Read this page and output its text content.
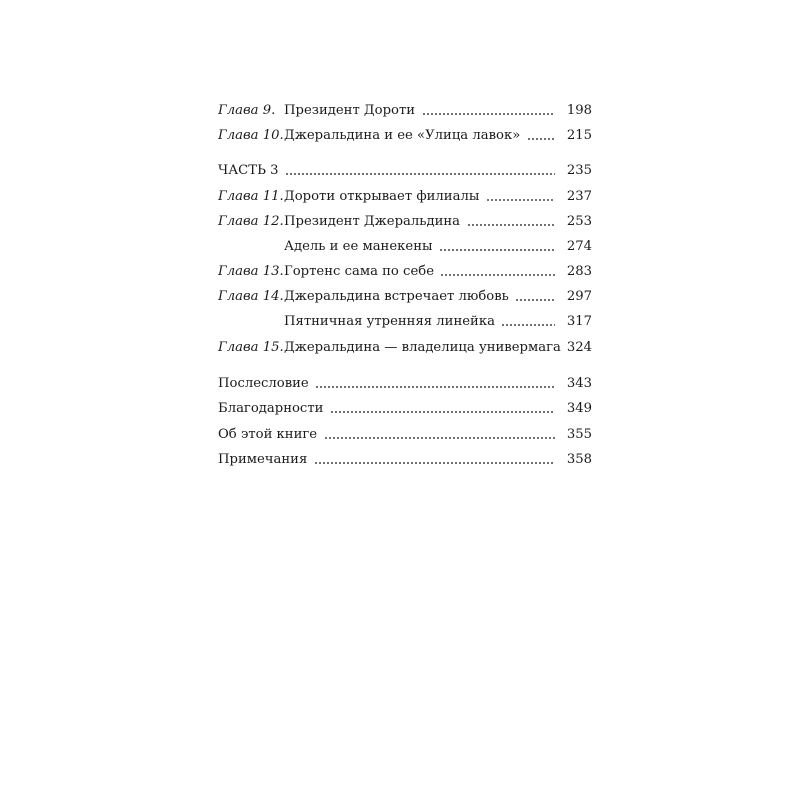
Глава 9. Президент Дороти	198
Глава 10. Джеральдина и ее «Улица лавок»	215
ЧАСТЬ 3	235
Глава 11. Дороти открывает филиалы	237
Глава 12. Президент Джеральдина	253
Адель и ее манекены	274
Глава 13. Гортенс сама по себе	283
Глава 14. Джеральдина встречает любовь	297
Пятничная утренняя линейка	317
Глава 15. Джеральдина — владелица универмага 324
Послесловие	343
Благодарности	349
Об этой книге	355
Примечания	358
